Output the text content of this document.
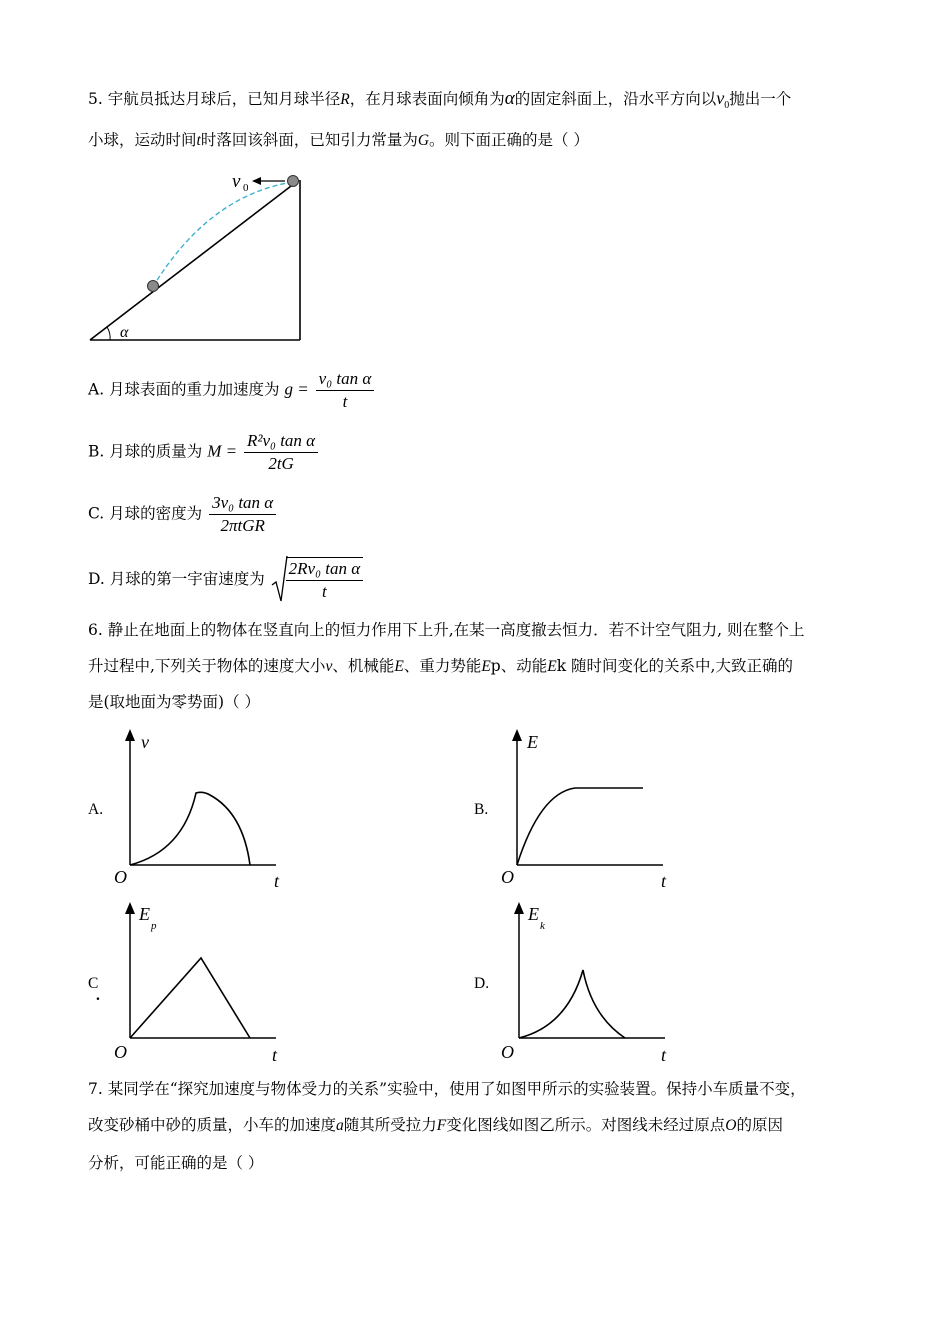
5. 宇航员抵达月球后，已知月球半径R，在月球表面向倾角为α的固定斜面上，沿水平方向以$v_0$抛出一个
小球，运动时间t时落回该斜面，已知引力常量为G。则下面正确的是（ ）
v 0
α
A. 月球表面的重力加速度为 $g = \frac{\text{v₀ tan α}}{t}$
B. 月球的质量为 $M = \frac{\text{R²v₀ tan α}}{2tG}$
C. 月球的密度为 $\frac{\text{3v₀ tan α}}{\text{2πtGR}}$
D. 月球的第一宇宙速度为 $\frac{\text{2Rv₀ tan α}}{t}$
6. 静止在地面上的物体在竖直向上的恒力作用下上升,在某一高度撤去恒力．若不计空气阻力, 则在整个上
升过程中,下列关于物体的速度大小v、机械能E、重力势能Ep、动能Ek 随时间变化的关系中,大致正确的
是(取地面为零势面)（ ）
A.
v
O	t
B.
E
O	t
C
.
E
p
O	t
D.
E
k
O	t
7. 某同学在“探究加速度与物体受力的关系”实验中，使用了如图甲所示的实验装置。保持小车质量不变，
改变砂桶中砂的质量，小车的加速度a随其所受拉力F变化图线如图乙所示。对图线未经过原点O的原因
分析，可能正确的是（ ）
